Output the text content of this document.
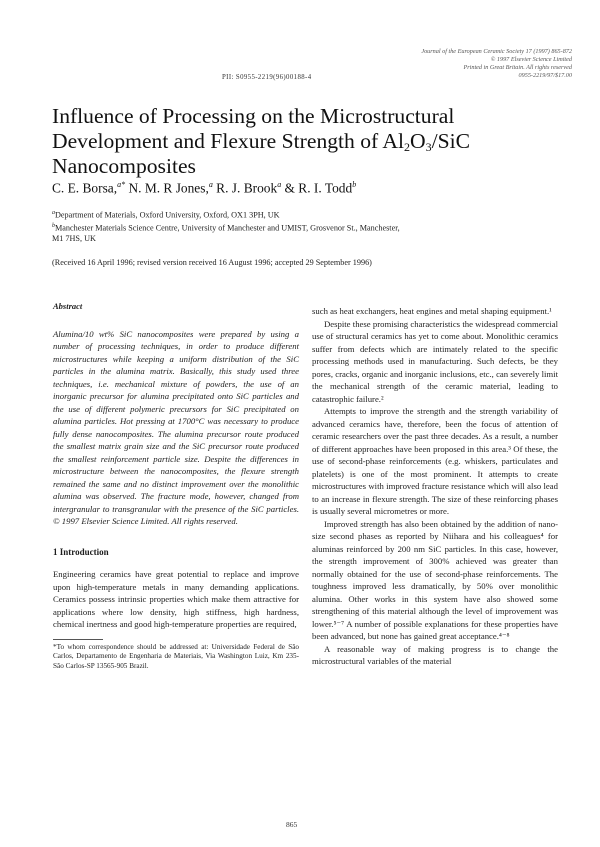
Journal of the European Ceramic Society 17 (1997) 865-872
© 1997 Elsevier Science Limited
Printed in Great Britain. All rights reserved
0955-2219/97/$17.00
PII: S0955-2219(96)00188-4
Influence of Processing on the Microstructural
Development and Flexure Strength of $Al_2O_3$/SiC
Nanocomposites
C. E. Borsa,$^{a*}$ N. M. R Jones,$^a$ R. J. Brook$^a$ & R. I. Todd$^b$
$^a$Department of Materials, Oxford University, Oxford, OX1 3PH, UK
$^b$Manchester Materials Science Centre, University of Manchester and UMIST, Grosvenor St., Manchester,
M1 7HS, UK
(Received 16 April 1996; revised version received 16 August 1996; accepted 29 September 1996)
Abstract

Alumina/10 wt% SiC nanocomposites were prepared by using a number of processing techniques, in order to produce different microstructures while keeping a uniform distribution of the SiC particles in the alumina matrix. Basically, this study used three techniques, i.e. mechanical mixture of powders, the use of an inorganic precursor for alumina precipitated onto SiC particles and the use of different polymeric precursors for SiC precipitated on alumina particles. Hot pressing at 1700°C was necessary to produce fully dense nanocomposites. The alumina precursor route produced the smallest matrix grain size and the SiC precursor route produced the smallest reinforcement particle size. Despite the differences in microstructure between the nanocomposites, the flexure strength remained the same and no distinct improvement over the monolithic alumina was observed. The fracture mode, however, changed from intergranular to transgranular with the presence of the SiC particles. © 1997 Elsevier Science Limited. All rights reserved.

1 Introduction

Engineering ceramics have great potential to replace and improve upon high-temperature metals in many demanding applications. Ceramics possess intrinsic properties which make them attractive for applications where low density, high stiffness, high hardness, chemical inertness and good high-temperature properties are required,

*To whom correspondence should be addressed at: Universidade Federal de São Carlos, Departamento de Engenharia de Materiais, Via Washington Luiz, Km 235-São Carlos-SP 13565-905 Brazil.

such as heat exchangers, heat engines and metal shaping equipment.¹

Despite these promising characteristics the widespread commercial use of structural ceramics has yet to come about. Monolithic ceramics suffer from defects which are intimately related to the specific processing methods used in manufacturing. Such defects, be they pores, cracks, organic and inorganic inclusions, etc., can severely limit the mechanical strength of the ceramic material, leading to catastrophic failure.²

Attempts to improve the strength and the strength variability of advanced ceramics have, therefore, been the focus of attention of ceramic researchers over the past three decades. As a result, a number of different approaches have been proposed in this area.³ Of these, the use of second-phase reinforcements (e.g. whiskers, particulates and platelets) is one of the most prominent. It attempts to create microstructures with improved fracture resistance which will also lead to an increase in flexure strength. The size of these reinforcing phases is usually several micrometres or more.

Improved strength has also been obtained by the addition of nano-size second phases as reported by Niihara and his colleagues⁴ for aluminas reinforced by 200 nm SiC particles. In this case, however, the strength improvement of 300% achieved was greater than normally obtained for the use of second-phase reinforcements. The toughness improved less dramatically, by 50% over monolithic alumina. Other works in this system have also showed some strengthening of this material although the level of improvement was lower.⁵⁻⁷ A number of possible explanations for these properties have been advanced, but none has gained great acceptance.⁴⁻⁸

A reasonable way of making progress is to change the microstructural variables of the material

865
